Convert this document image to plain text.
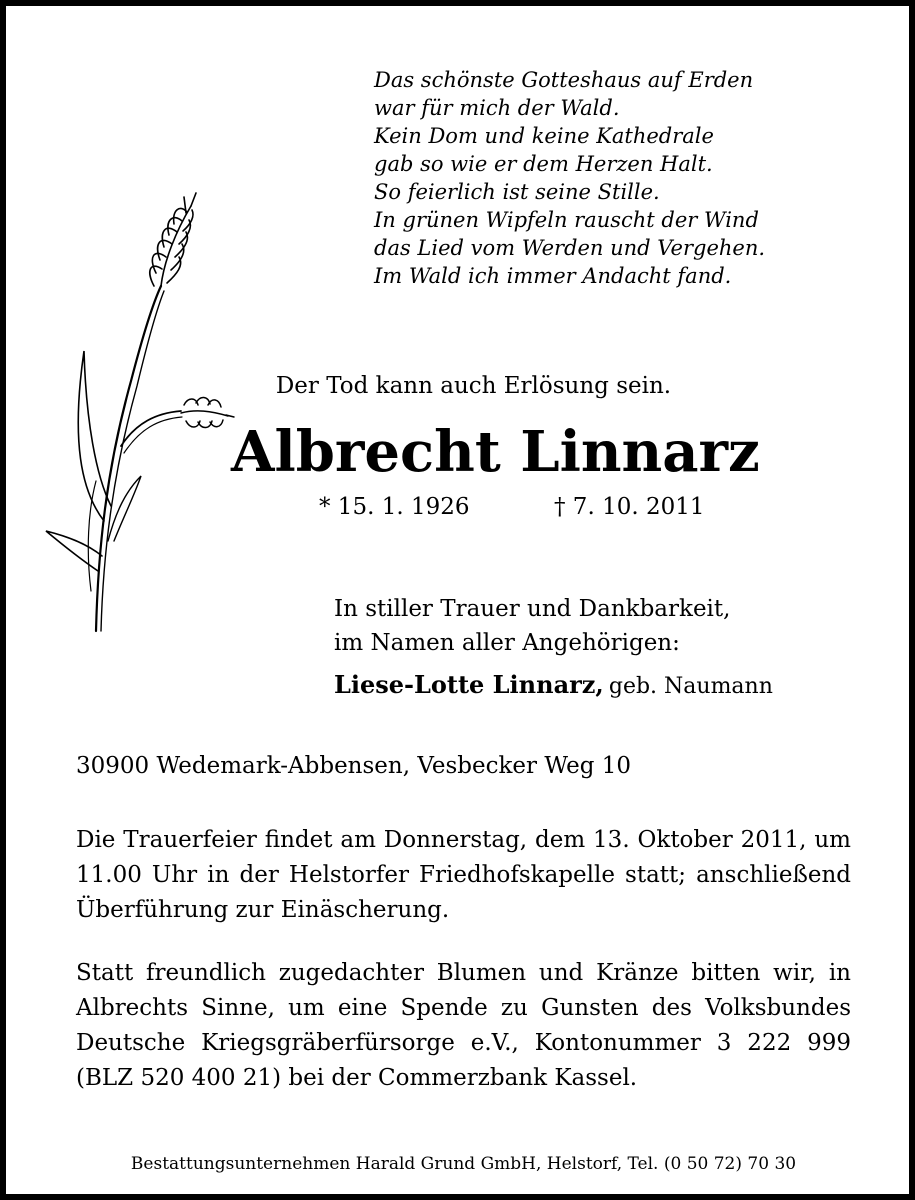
Das schönste Gotteshaus auf Erden
war für mich der Wald.
Kein Dom und keine Kathedrale
gab so wie er dem Herzen Halt.
So feierlich ist seine Stille.
In grünen Wipfeln rauscht der Wind
das Lied vom Werden und Vergehen.
Im Wald ich immer Andacht fand.
Der Tod kann auch Erlösung sein.
Albrecht Linnarz
* 15. 1. 1926	† 7. 10. 2011
In stiller Trauer und Dankbarkeit,
im Namen aller Angehörigen:
Liese-Lotte Linnarz, geb. Naumann
30900 Wedemark-Abbensen, Vesbecker Weg 10
Die Trauerfeier findet am Donnerstag, dem 13. Oktober 2011, um 11.00 Uhr in der Helstorfer Friedhofskapelle statt; anschließend Überführung zur Einäscherung.
Statt freundlich zugedachter Blumen und Kränze bitten wir, in Albrechts Sinne, um eine Spende zu Gunsten des Volksbundes Deutsche Kriegsgräberfürsorge e.V., Kontonummer 3 222 999 (BLZ 520 400 21) bei der Commerzbank Kassel.
Bestattungsunternehmen Harald Grund GmbH, Helstorf, Tel. (0 50 72) 70 30
